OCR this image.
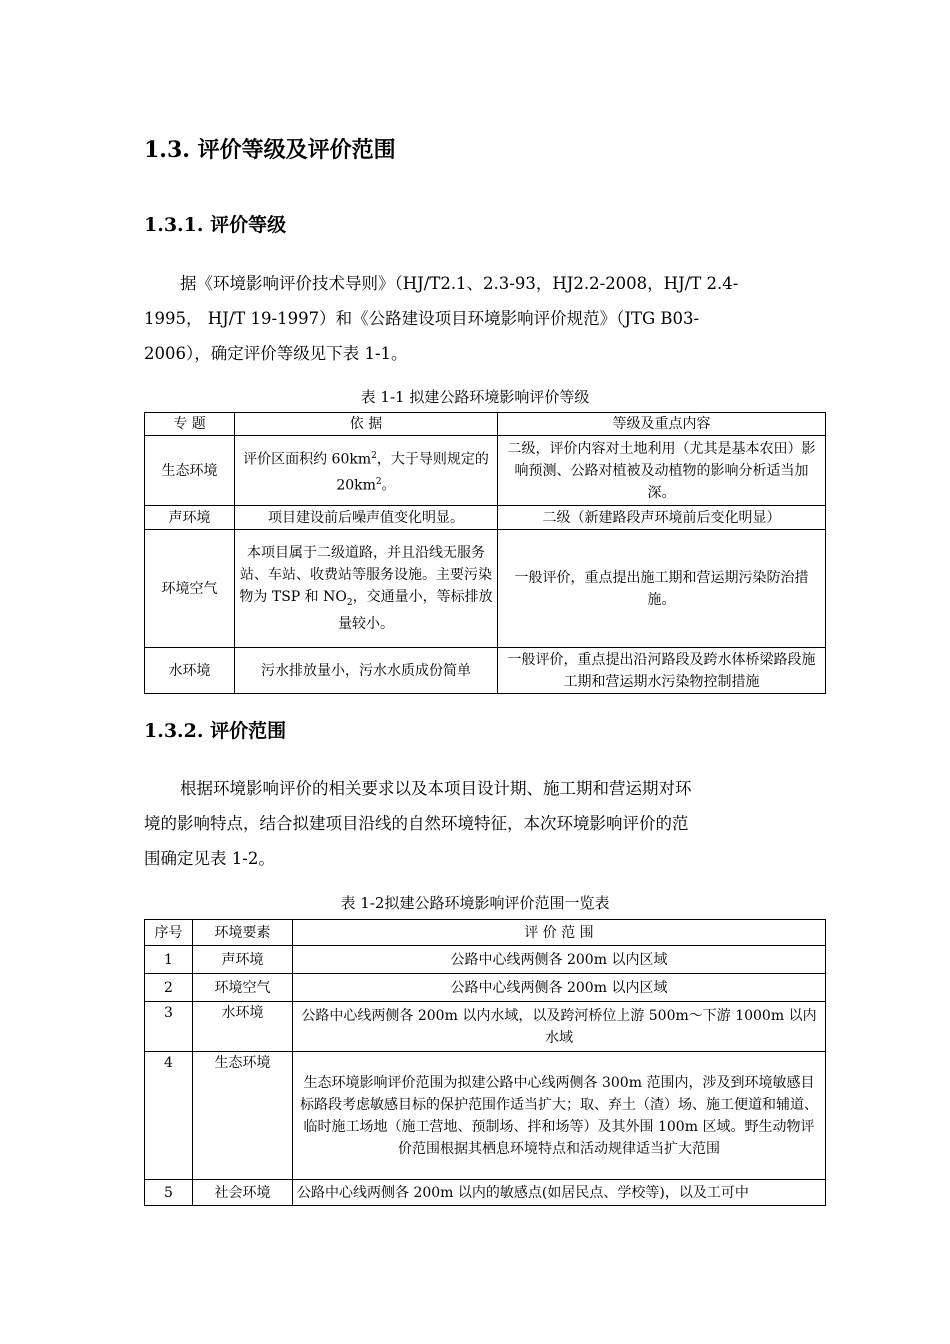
1.3. 评价等级及评价范围
1.3.1. 评价等级
据《环境影响评价技术导则》（HJ/T2.1、2.3-93，HJ2.2-2008，HJ/T 2.4-
1995， HJ/T 19-1997）和《公路建设项目环境影响评价规范》（JTG B03-
2006），确定评价等级见下表 1-1。

表 1-1 拟建公路环境影响评价等级

专 题	依 据	等级及重点内容
生态环境	评价区面积约 $60km^2$，大于导则规定的 $20km^2$。	二级，评价内容对土地利用（尤其是基本农田）影响预测、公路对植被及动植物的影响分析适当加深。
声环境	项目建设前后噪声值变化明显。	二级（新建路段声环境前后变化明显）
环境空气	本项目属于二级道路，并且沿线无服务站、车站、收费站等服务设施。主要污染物为 TSP 和 $NO_2$，交通量小，等标排放量较小。	一般评价，重点提出施工期和营运期污染防治措施。
水环境	污水排放量小，污水水质成份简单	一般评价，重点提出沿河路段及跨水体桥梁路段施工期和营运期水污染物控制措施
1.3.2. 评价范围
根据环境影响评价的相关要求以及本项目设计期、施工期和营运期对环
境的影响特点，结合拟建项目沿线的自然环境特征，本次环境影响评价的范
围确定见表 1-2。

表 1-2拟建公路环境影响评价范围一览表

序号	环境要素	评 价 范 围
1	声环境	公路中心线两侧各 200m 以内区域
2	环境空气	公路中心线两侧各 200m 以内区域
3	水环境	公路中心线两侧各 200m 以内水域，以及跨河桥位上游 500m～下游 1000m 以内水域
4	生态环境	生态环境影响评价范围为拟建公路中心线两侧各 300m 范围内，涉及到环境敏感目标路段考虑敏感目标的保护范围作适当扩大；取、弃土（渣）场、施工便道和辅道、临时施工场地（施工营地、预制场、拌和场等）及其外围 100m 区域。野生动物评价范围根据其栖息环境特点和活动规律适当扩大范围
5	社会环境	公路中心线两侧各 200m 以内的敏感点(如居民点、学校等)，以及工可中
